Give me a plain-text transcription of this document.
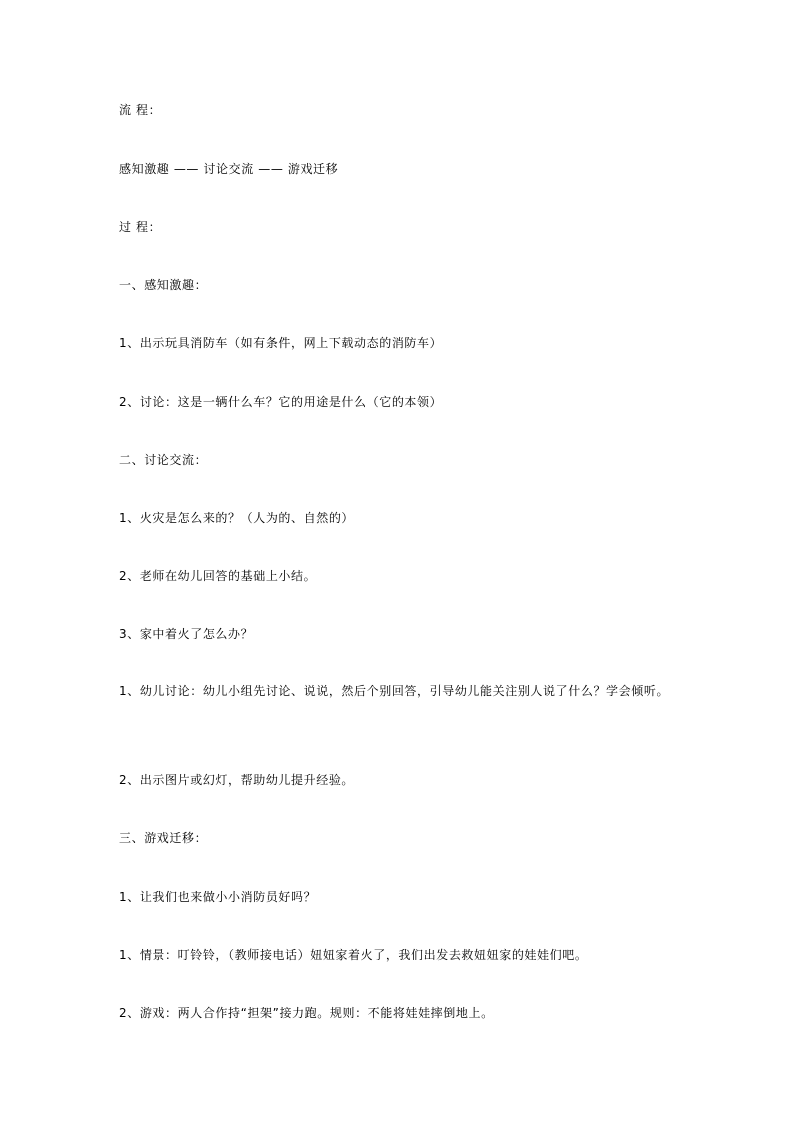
流 程：
感知激趣 —— 讨论交流 —— 游戏迁移
过 程：
一、感知激趣：
1、出示玩具消防车（如有条件，网上下载动态的消防车）
2、讨论：这是一辆什么车？它的用途是什么（它的本领）
二、讨论交流：
1、火灾是怎么来的？（人为的、自然的）
2、老师在幼儿回答的基础上小结。
3、家中着火了怎么办？
1、幼儿讨论：幼儿小组先讨论、说说，然后个别回答，引导幼儿能关注别人说了什么？学会倾听。
2、出示图片或幻灯，帮助幼儿提升经验。
三、游戏迁移：
1、让我们也来做小小消防员好吗？
1、情景：叮铃铃，（教师接电话）妞妞家着火了，我们出发去救妞妞家的娃娃们吧。
2、游戏：两人合作持“担架”接力跑。规则：不能将娃娃摔倒地上。
